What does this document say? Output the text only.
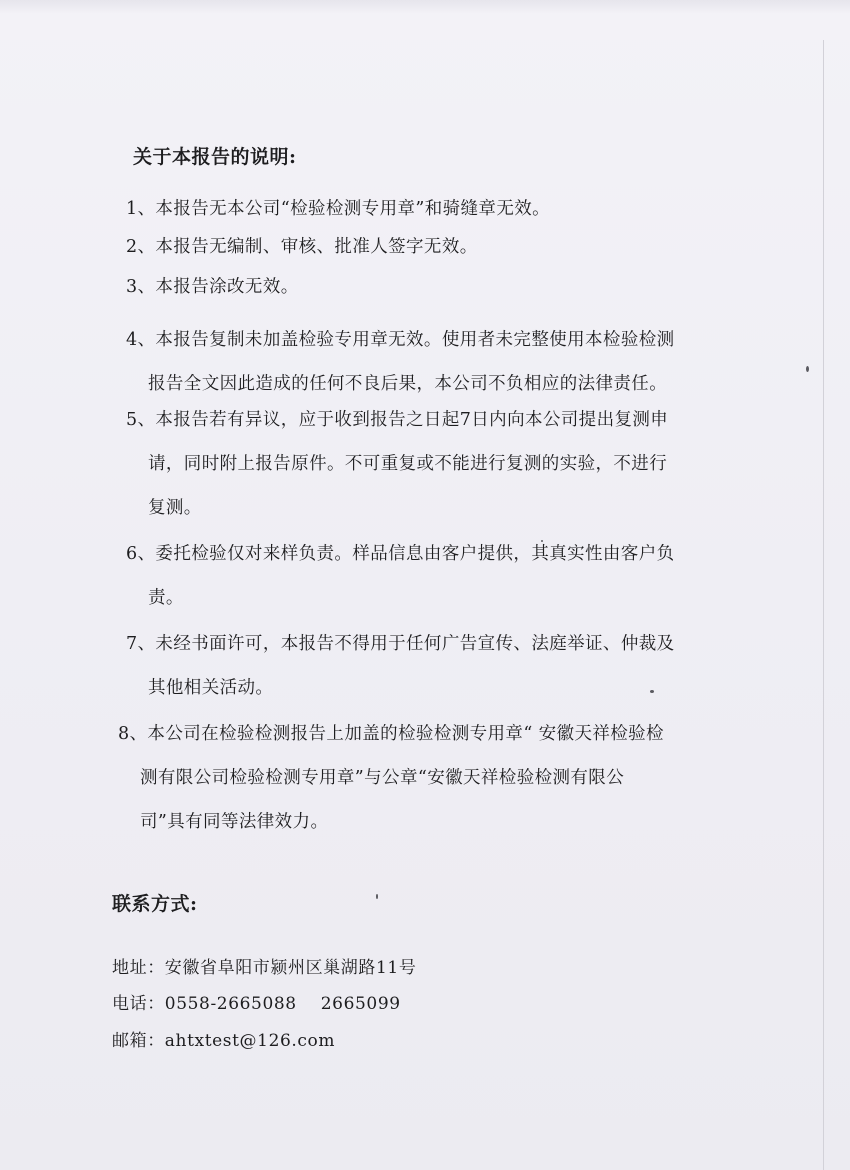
关于本报告的说明:
1、本报告无本公司“检验检测专用章”和骑缝章无效。
2、本报告无编制、审核、批准人签字无效。
3、本报告涂改无效。
4、本报告复制未加盖检验专用章无效。使用者未完整使用本检验检测
报告全文因此造成的任何不良后果，本公司不负相应的法律责任。
5、本报告若有异议，应于收到报告之日起7日内向本公司提出复测申
请，同时附上报告原件。不可重复或不能进行复测的实验，不进行
复测。
6、委托检验仅对来样负责。样品信息由客户提供，其真实性由客户负
责。
7、未经书面许可，本报告不得用于任何广告宣传、法庭举证、仲裁及
其他相关活动。
8、本公司在检验检测报告上加盖的检验检测专用章“ 安徽天祥检验检
测有限公司检验检测专用章”与公章“安徽天祥检验检测有限公
司”具有同等法律效力。
联系方式:
地址：安徽省阜阳市颍州区巢湖路11号
电话：0558-2665088    2665099
邮箱：ahtxtest@126.com
